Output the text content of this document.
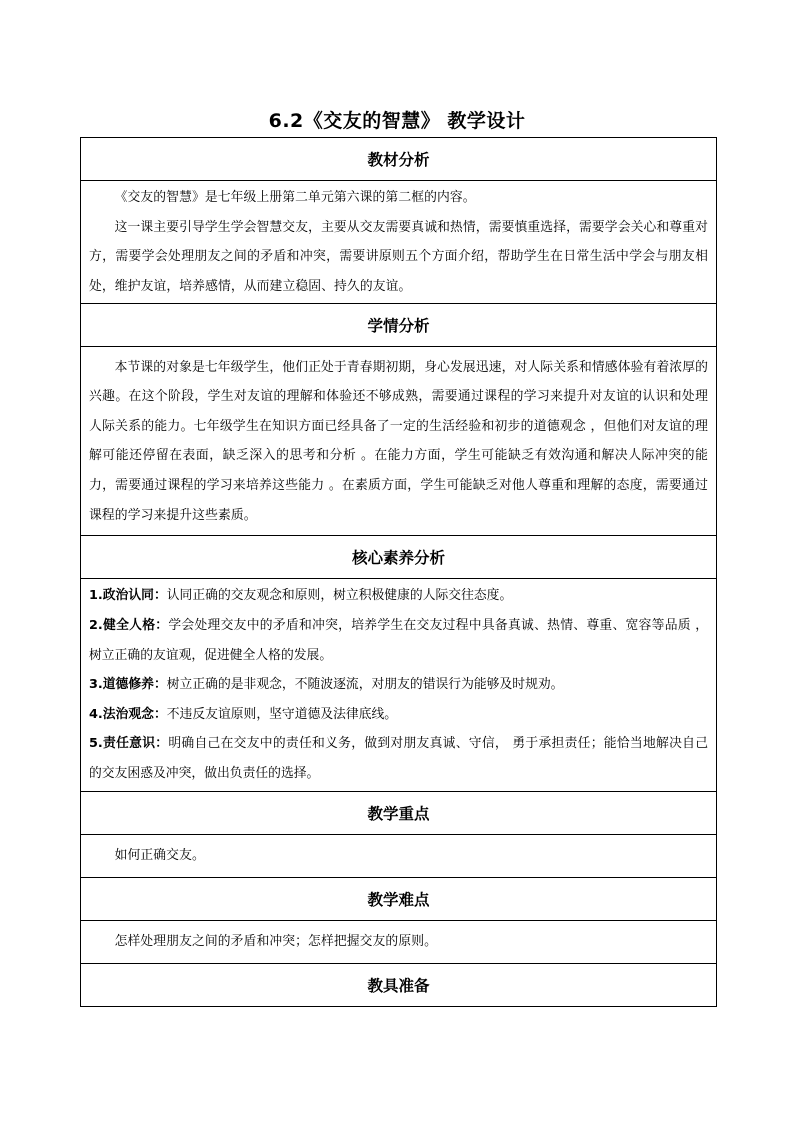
6.2《交友的智慧》 教学设计
教材分析

《交友的智慧》是七年级上册第二单元第六课的第二框的内容。

这一课主要引导学生学会智慧交友，主要从交友需要真诚和热情，需要慎重选择，需要学会关心和尊重对方，需要学会处理朋友之间的矛盾和冲突，需要讲原则五个方面介绍，帮助学生在日常生活中学会与朋友相处，维护友谊，培养感情，从而建立稳固、持久的友谊。

学情分析

本节课的对象是七年级学生，他们正处于青春期初期，身心发展迅速，对人际关系和情感体验有着浓厚的兴趣。在这个阶段，学生对友谊的理解和体验还不够成熟，需要通过课程的学习来提升对友谊的认识和处理人际关系的能力。七年级学生在知识方面已经具备了一定的生活经验和初步的道德观念 ，但他们对友谊的理解可能还停留在表面，缺乏深入的思考和分析 。在能力方面，学生可能缺乏有效沟通和解决人际冲突的能力，需要通过课程的学习来培养这些能力 。在素质方面，学生可能缺乏对他人尊重和理解的态度，需要通过课程的学习来提升这些素质。

核心素养分析

1.政治认同：认同正确的交友观念和原则，树立积极健康的人际交往态度。

2.健全人格：学会处理交友中的矛盾和冲突，培养学生在交友过程中具备真诚、热情、尊重、宽容等品质 ，树立正确的友谊观，促进健全人格的发展。

3.道德修养：树立正确的是非观念，不随波逐流，对朋友的错误行为能够及时规劝。

4.法治观念：不违反友谊原则，坚守道德及法律底线。

5.责任意识：明确自己在交友中的责任和义务，做到对朋友真诚、守信， 勇于承担责任；能恰当地解决自己的交友困惑及冲突，做出负责任的选择。

教学重点

如何正确交友。

教学难点

怎样处理朋友之间的矛盾和冲突；怎样把握交友的原则。

教具准备
